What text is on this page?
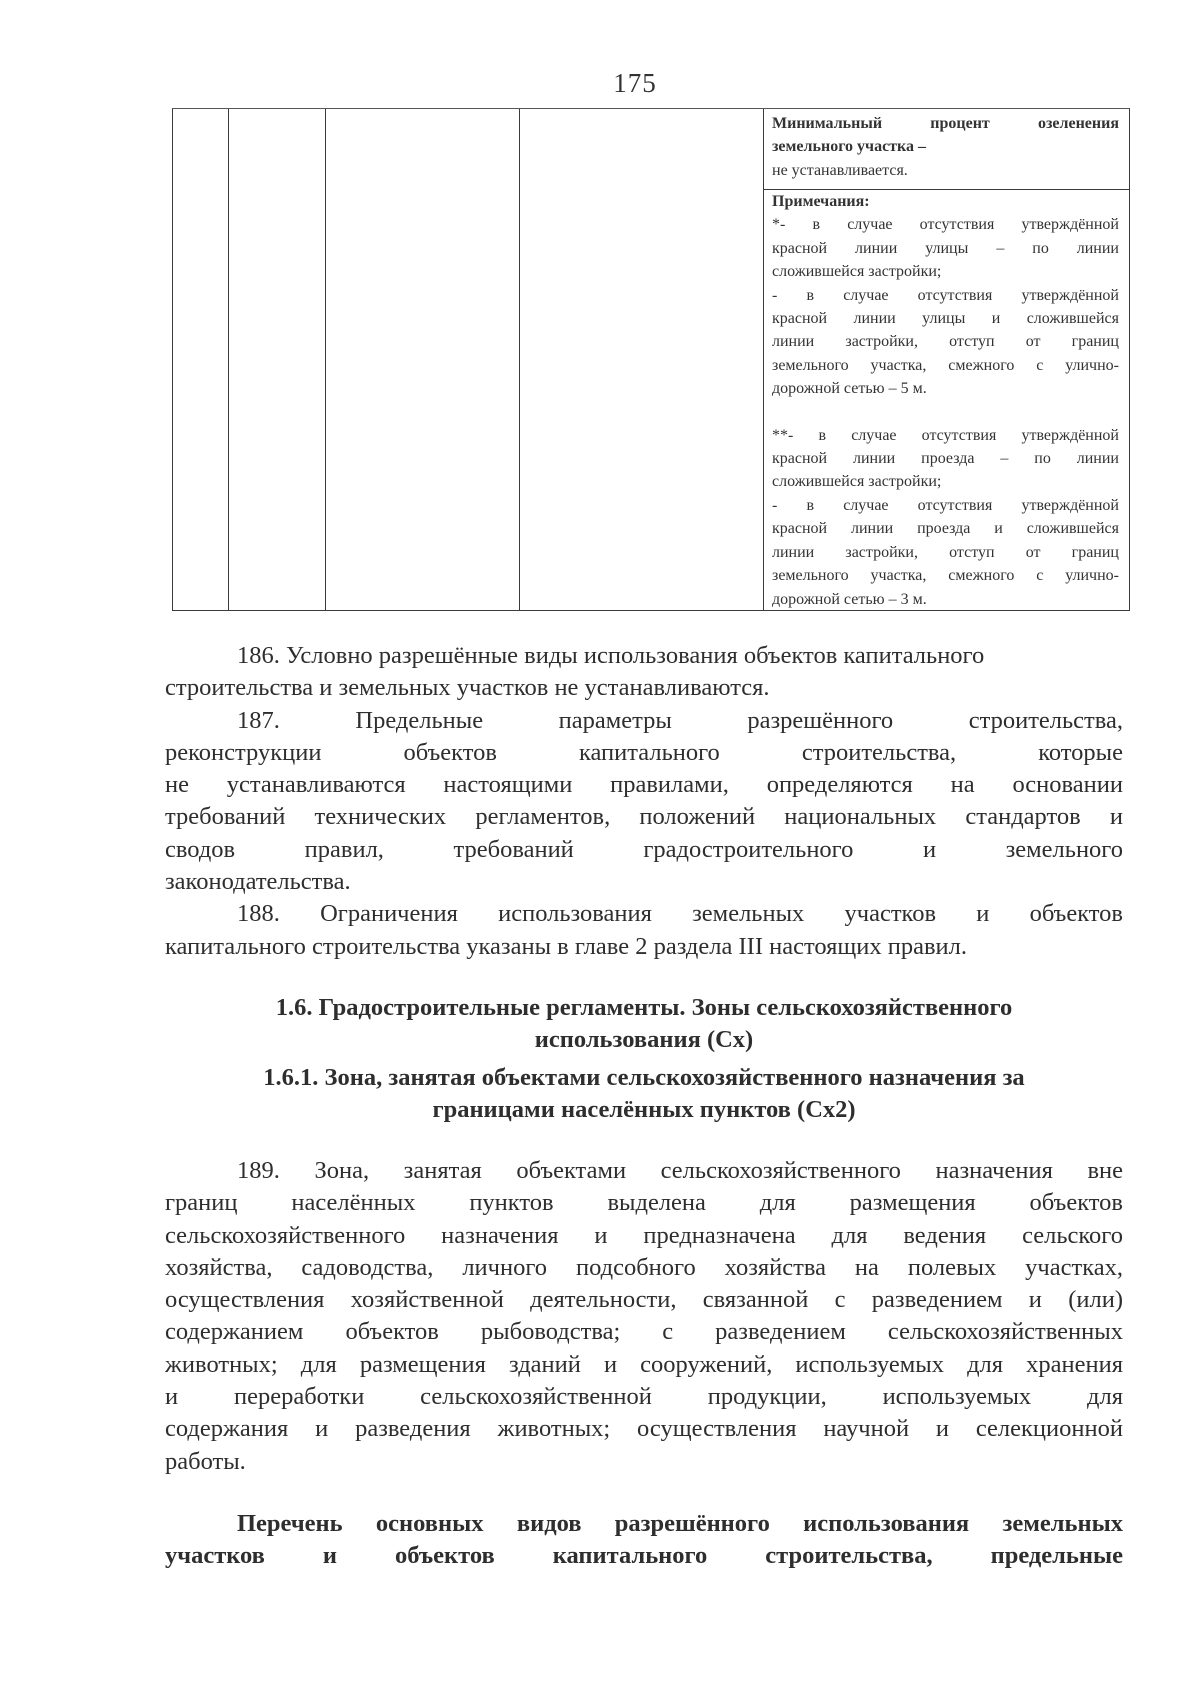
175
Минимальный процент озеленения
земельного участка –
не устанавливается.
Примечания:
*- в случае отсутствия утверждённой
красной линии улицы – по линии
сложившейся застройки;
- в случае отсутствия утверждённой
красной линии улицы и сложившейся
линии застройки, отступ от границ
земельного участка, смежного с улично-
дорожной сетью – 5 м.
**- в случае отсутствия утверждённой
красной линии проезда – по линии
сложившейся застройки;
- в случае отсутствия утверждённой
красной линии проезда и сложившейся
линии застройки, отступ от границ
земельного участка, смежного с улично-
дорожной сетью – 3 м.
186. Условно разрешённые виды использования объектов капитального
строительства и земельных участков не устанавливаются.
187. Предельные параметры разрешённого строительства,
реконструкции объектов капитального строительства, которые
не устанавливаются настоящими правилами, определяются на основании
требований технических регламентов, положений национальных стандартов и
сводов правил, требований градостроительного и земельного
законодательства.
188. Ограничения использования земельных участков и объектов
капитального строительства указаны в главе 2 раздела III настоящих правил.
1.6. Градостроительные регламенты. Зоны сельскохозяйственного
использования (Сх)
1.6.1. Зона, занятая объектами сельскохозяйственного назначения за
границами населённых пунктов (Сх2)
189. Зона, занятая объектами сельскохозяйственного назначения вне
границ населённых пунктов выделена для размещения объектов
сельскохозяйственного назначения и предназначена для ведения сельского
хозяйства, садоводства, личного подсобного хозяйства на полевых участках,
осуществления хозяйственной деятельности, связанной с разведением и (или)
содержанием объектов рыбоводства; с разведением сельскохозяйственных
животных; для размещения зданий и сооружений, используемых для хранения
и переработки сельскохозяйственной продукции, используемых для
содержания и разведения животных; осуществления научной и селекционной
работы.
Перечень основных видов разрешённого использования земельных
участков и объектов капитального строительства, предельные
